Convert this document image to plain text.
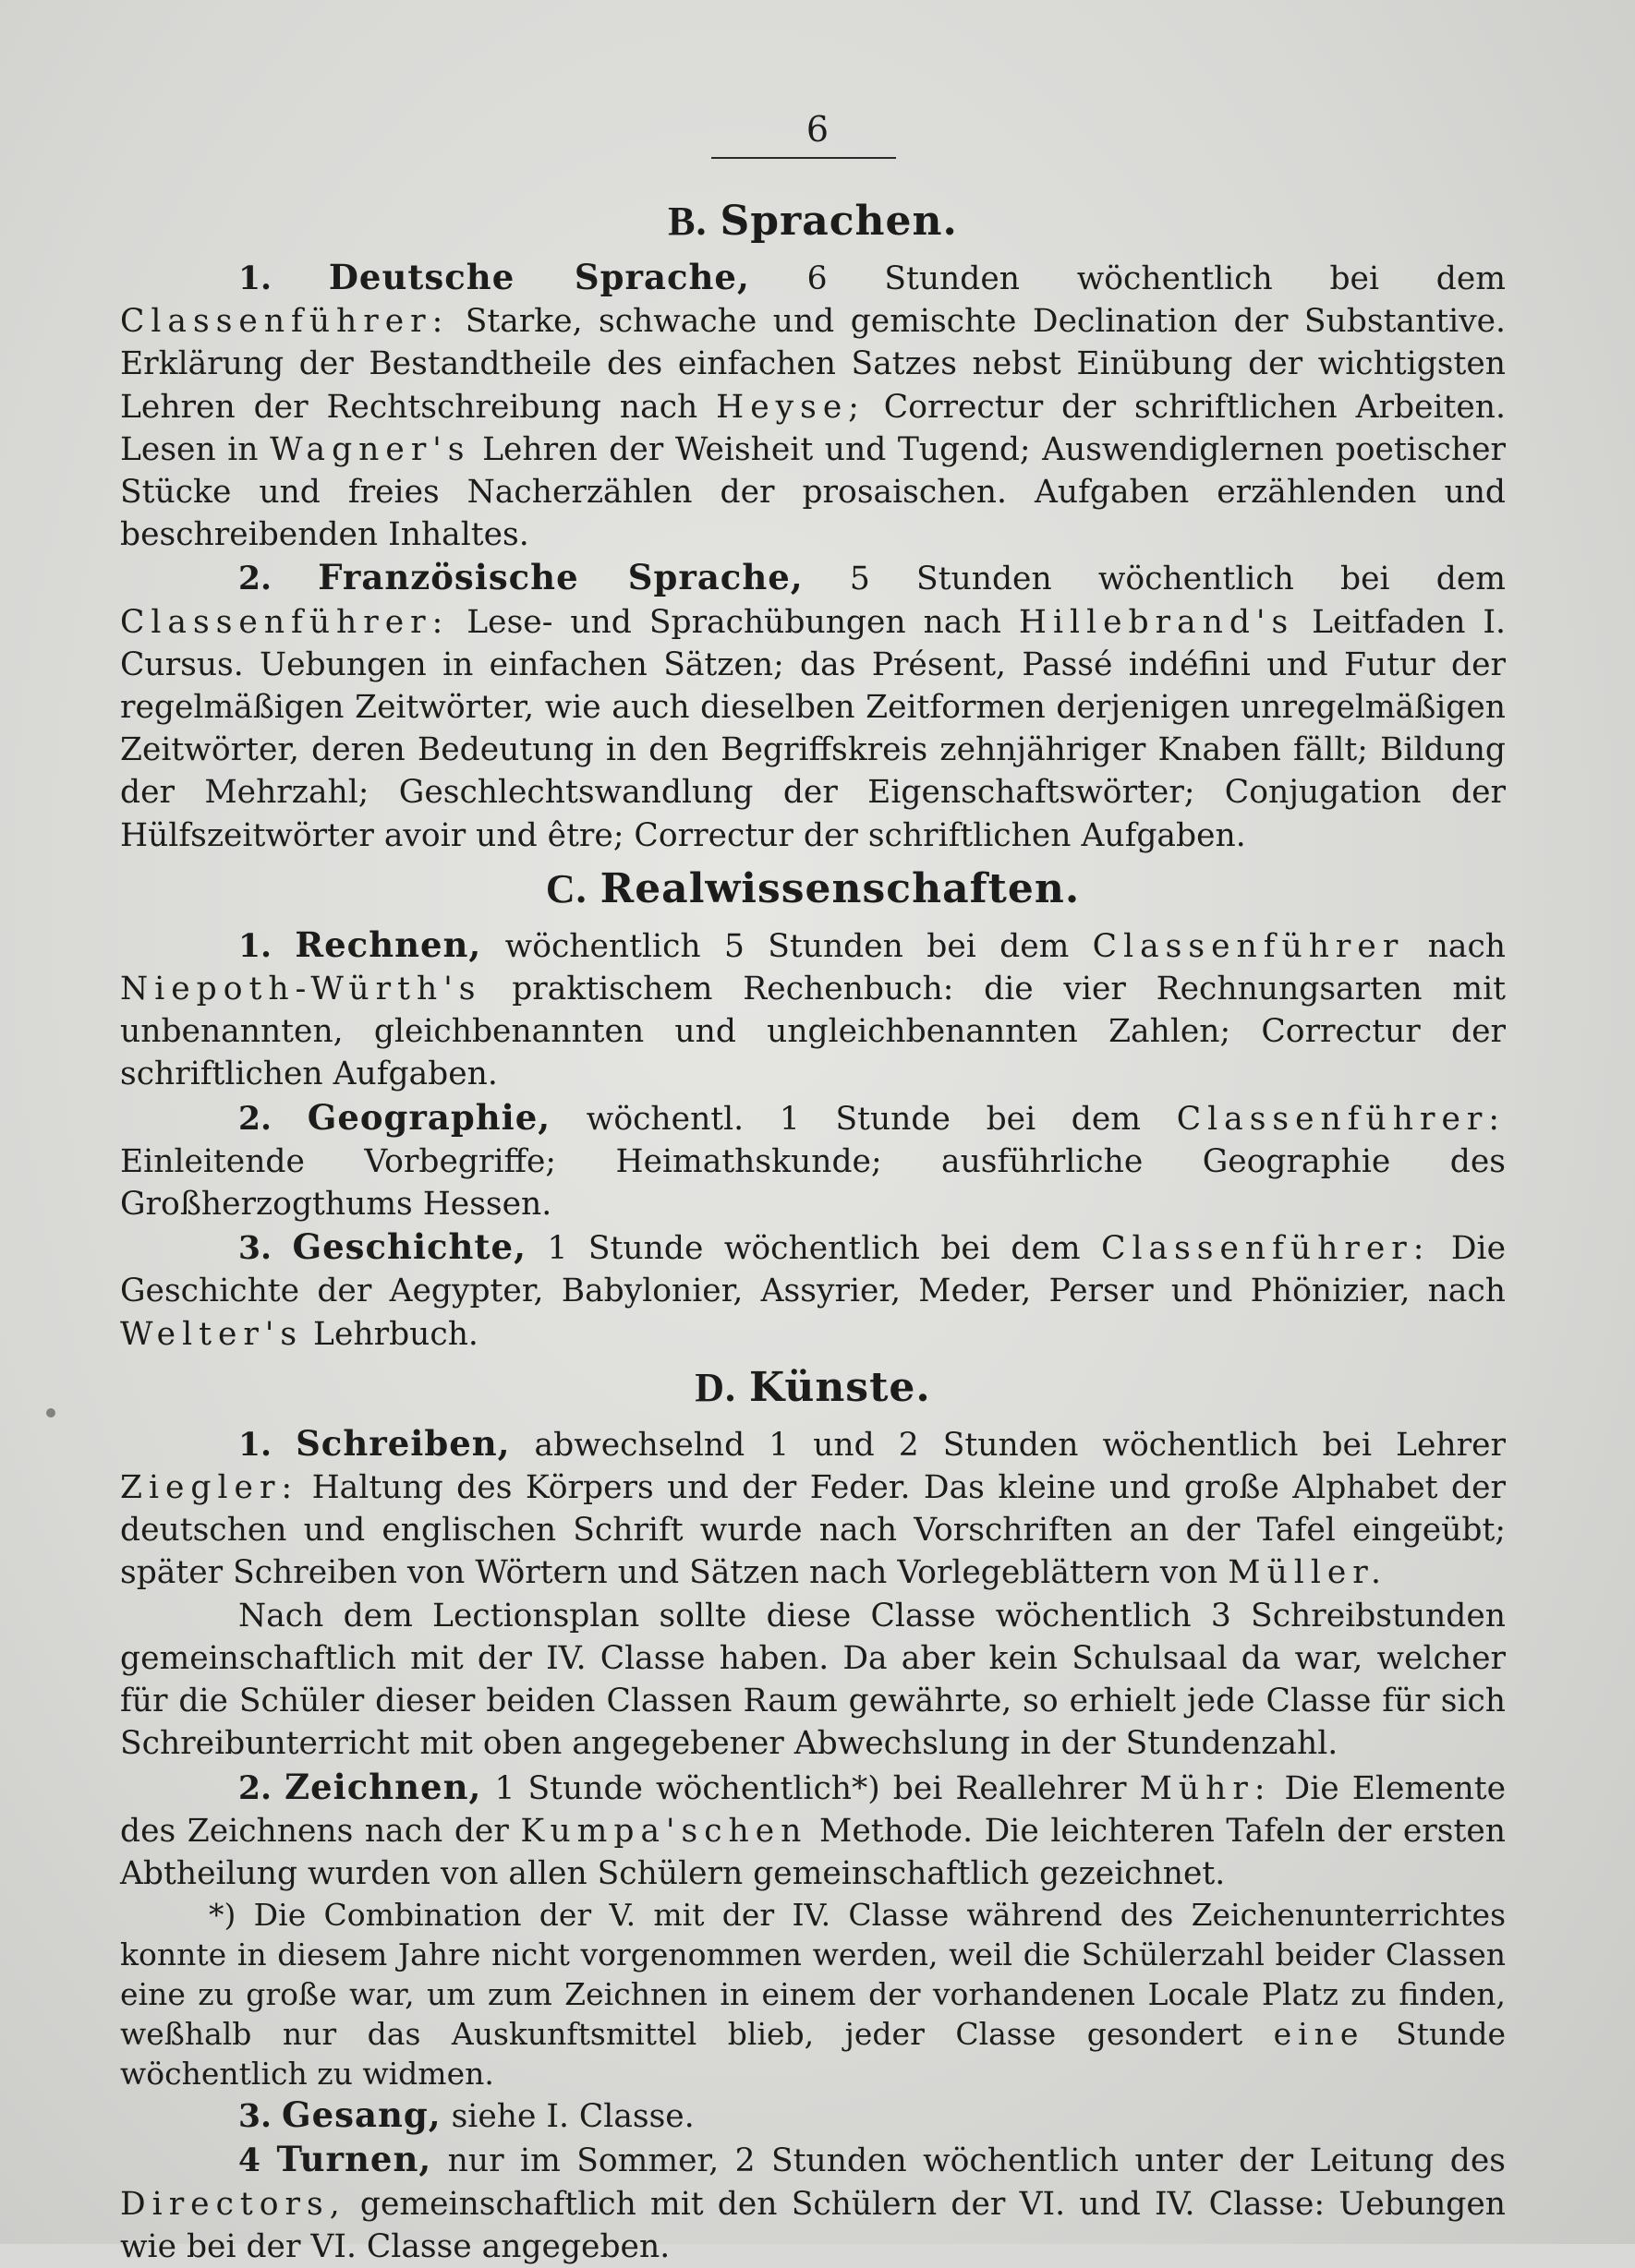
6
B. Sprachen.

1. Deutsche Sprache, 6 Stunden wöchentlich bei dem Classenführer: Starke, schwache und gemischte Declination der Substantive. Erklärung der Bestandtheile des einfachen Satzes nebst Einübung der wichtigsten Lehren der Rechtschreibung nach Heyse; Correctur der schriftlichen Arbeiten. Lesen in Wagner's Lehren der Weisheit und Tugend; Auswendiglernen poetischer Stücke und freies Nacherzählen der prosaischen. Aufgaben erzählenden und beschreibenden Inhaltes.

2. Französische Sprache, 5 Stunden wöchentlich bei dem Classenführer: Lese- und Sprachübungen nach Hillebrand's Leitfaden I. Cursus. Uebungen in einfachen Sätzen; das Présent, Passé indéfini und Futur der regelmäßigen Zeitwörter, wie auch dieselben Zeitformen derjenigen unregelmäßigen Zeitwörter, deren Bedeutung in den Begriffskreis zehnjähriger Knaben fällt; Bildung der Mehrzahl; Geschlechtswandlung der Eigenschaftswörter; Conjugation der Hülfszeitwörter avoir und être; Correctur der schriftlichen Aufgaben.

C. Realwissenschaften.

1. Rechnen, wöchentlich 5 Stunden bei dem Classenführer nach Niepoth-Würth's praktischem Rechenbuch: die vier Rechnungsarten mit unbenannten, gleichbenannten und ungleichbenannten Zahlen; Correctur der schriftlichen Aufgaben.

2. Geographie, wöchentl. 1 Stunde bei dem Classenführer: Einleitende Vorbegriffe; Heimathskunde; ausführliche Geographie des Großherzogthums Hessen.

3. Geschichte, 1 Stunde wöchentlich bei dem Classenführer: Die Geschichte der Aegypter, Babylonier, Assyrier, Meder, Perser und Phönizier, nach Welter's Lehrbuch.

D. Künste.

1. Schreiben, abwechselnd 1 und 2 Stunden wöchentlich bei Lehrer Ziegler: Haltung des Körpers und der Feder. Das kleine und große Alphabet der deutschen und englischen Schrift wurde nach Vorschriften an der Tafel eingeübt; später Schreiben von Wörtern und Sätzen nach Vorlegeblättern von Müller.

Nach dem Lectionsplan sollte diese Classe wöchentlich 3 Schreibstunden gemeinschaftlich mit der IV. Classe haben. Da aber kein Schulsaal da war, welcher für die Schüler dieser beiden Classen Raum gewährte, so erhielt jede Classe für sich Schreibunterricht mit oben angegebener Abwechslung in der Stundenzahl.

2. Zeichnen, 1 Stunde wöchentlich*) bei Reallehrer Mühr: Die Elemente des Zeichnens nach der Kumpa'schen Methode. Die leichteren Tafeln der ersten Abtheilung wurden von allen Schülern gemeinschaftlich gezeichnet.

*) Die Combination der V. mit der IV. Classe während des Zeichenunterrichtes konnte in diesem Jahre nicht vorgenommen werden, weil die Schülerzahl beider Classen eine zu große war, um zum Zeichnen in einem der vorhandenen Locale Platz zu finden, weßhalb nur das Auskunftsmittel blieb, jeder Classe gesondert eine Stunde wöchentlich zu widmen.

3. Gesang, siehe I. Classe.

4 Turnen, nur im Sommer, 2 Stunden wöchentlich unter der Leitung des Directors, gemeinschaftlich mit den Schülern der VI. und IV. Classe: Uebungen wie bei der VI. Classe angegeben.
